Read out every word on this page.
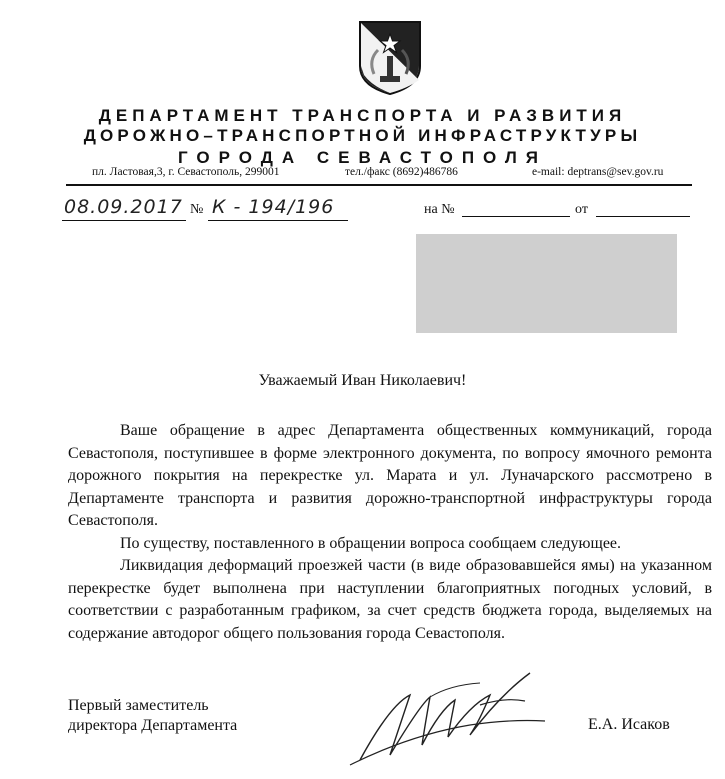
ДЕПАРТАМЕНТ ТРАНСПОРТА И РАЗВИТИЯ
ДОРОЖНО–ТРАНСПОРТНОЙ ИНФРАСТРУКТУРЫ
ГОРОДА СЕВАСТОПОЛЯ
пл. Ластовая,3, г. Севастополь, 299001	тел./факс (8692)486786	e-mail: deptrans@sev.gov.ru
08.09.2017 № К - 194/196	на №	от
Уважаемый Иван Николаевич!

Ваше обращение в адрес Департамента общественных коммуникаций, города Севастополя, поступившее в форме электронного документа, по вопросу ямочного ремонта дорожного покрытия на перекрестке ул. Марата и ул. Луначарского рассмотрено в Департаменте транспорта и развития дорожно-транспортной инфраструктуры города Севастополя.

По существу, поставленного в обращении вопроса сообщаем следующее.

Ликвидация деформаций проезжей части (в виде образовавшейся ямы) на указанном перекрестке будет выполнена при наступлении благоприятных погодных условий, в соответствии с разработанным графиком, за счет средств бюджета города, выделяемых на содержание автодорог общего пользования города Севастополя.

Первый заместитель
директора Департамента	Е.А. Исаков
